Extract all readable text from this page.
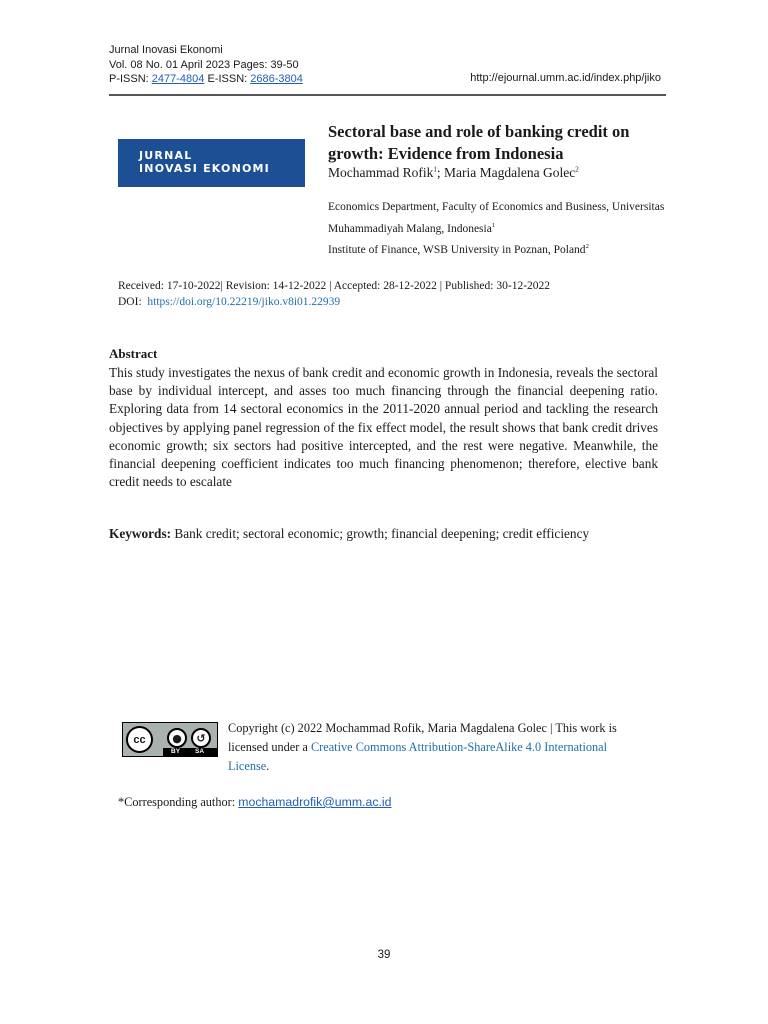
Jurnal Inovasi Ekonomi
Vol. 08 No. 01 April 2023 Pages: 39-50
P-ISSN: 2477-4804 E-ISSN: 2686-3804	http://ejournal.umm.ac.id/index.php/jiko
JURNAL
INOVASI EKONOMI
Sectoral base and role of banking credit on growth: Evidence from Indonesia
Mochammad Rofik$^1$; Maria Magdalena Golec$^2$
Economics Department, Faculty of Economics and Business, Universitas Muhammadiyah Malang, Indonesia$^1$
Institute of Finance, WSB University in Poznan, Poland$^2$
Received: 17-10-2022| Revision: 14-12-2022 | Accepted: 28-12-2022 | Published: 30-12-2022
DOI: https://doi.org/10.22219/jiko.v8i01.22939
Abstract
This study investigates the nexus of bank credit and economic growth in Indonesia, reveals the sectoral base by individual intercept, and asses too much financing through the financial deepening ratio. Exploring data from 14 sectoral economics in the 2011-2020 annual period and tackling the research objectives by applying panel regression of the fix effect model, the result shows that bank credit drives economic growth; six sectors had positive intercepted, and the rest were negative. Meanwhile, the financial deepening coefficient indicates too much financing phenomenon; therefore, elective bank credit needs to escalate
Keywords: Bank credit; sectoral economic; growth; financial deepening; credit efficiency
cc	●	↺
BY SA
Copyright (c) 2022 Mochammad Rofik, Maria Magdalena Golec | This work is licensed under a Creative Commons Attribution-ShareAlike 4.0 International License.
*Corresponding author: mochamadrofik@umm.ac.id
39
